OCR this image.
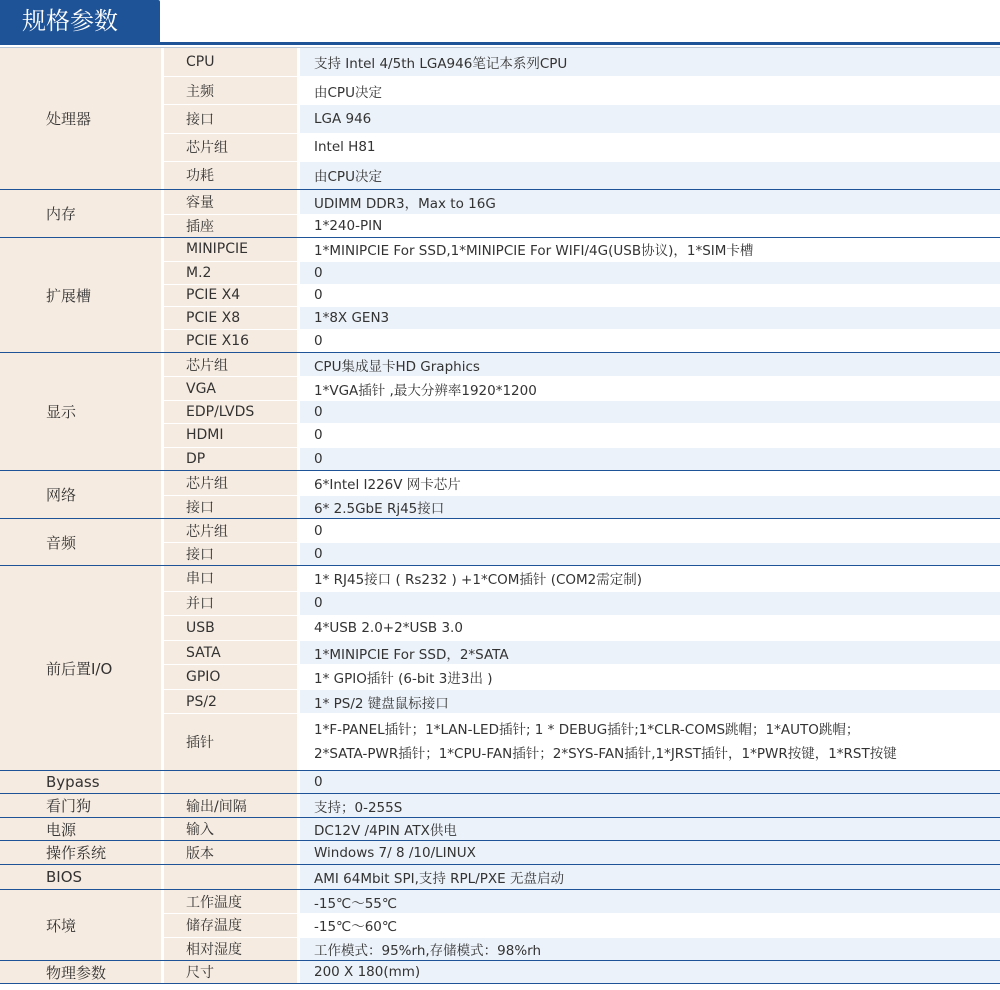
规格参数
处理器
CPU	支持 Intel 4/5th LGA946笔记本系列CPU
主频	由CPU决定
接口	LGA 946
芯片组	Intel H81
功耗	由CPU决定
内存
容量	UDIMM DDR3，Max to 16G
插座	1*240-PIN
扩展槽
MINIPCIE	1*MINIPCIE For SSD,1*MINIPCIE For WIFI/4G(USB协议)，1*SIM卡槽
M.2	0
PCIE X4	0
PCIE X8	1*8X GEN3
PCIE X16	0
显示
芯片组	CPU集成显卡HD Graphics
VGA	1*VGA插针 ,最大分辨率1920*1200
EDP/LVDS	0
HDMI	0
DP	0
网络
芯片组	6*Intel I226V 网卡芯片
接口	6* 2.5GbE Rj45接口
音频
芯片组	0
接口	0
前后置I/O
串口	1* RJ45接口 ( Rs232 ) +1*COM插针 (COM2需定制)
并口	0
USB	4*USB 2.0+2*USB 3.0
SATA	1*MINIPCIE For SSD，2*SATA
GPIO	1* GPIO插针 (6-bit 3进3出 )
PS/2	1* PS/2 键盘鼠标接口
插针
1*F-PANEL插针；1*LAN-LED插针; 1 * DEBUG插针;1*CLR-COMS跳帽；1*AUTO跳帽；
2*SATA-PWR插针；1*CPU-FAN插针；2*SYS-FAN插针,1*JRST插针，1*PWR按键，1*RST按键
Bypass	0
看门狗	输出/间隔	支持；0-255S
电源	输入	DC12V /4PIN ATX供电
操作系统	版本	Windows 7/ 8 /10/LINUX
BIOS	AMI 64Mbit SPI,支持 RPL/PXE 无盘启动
环境
工作温度	-15℃～55℃
储存温度	-15℃～60℃
相对湿度	工作模式：95%rh,存储模式：98%rh
物理参数	尺寸	200 X 180(mm)
